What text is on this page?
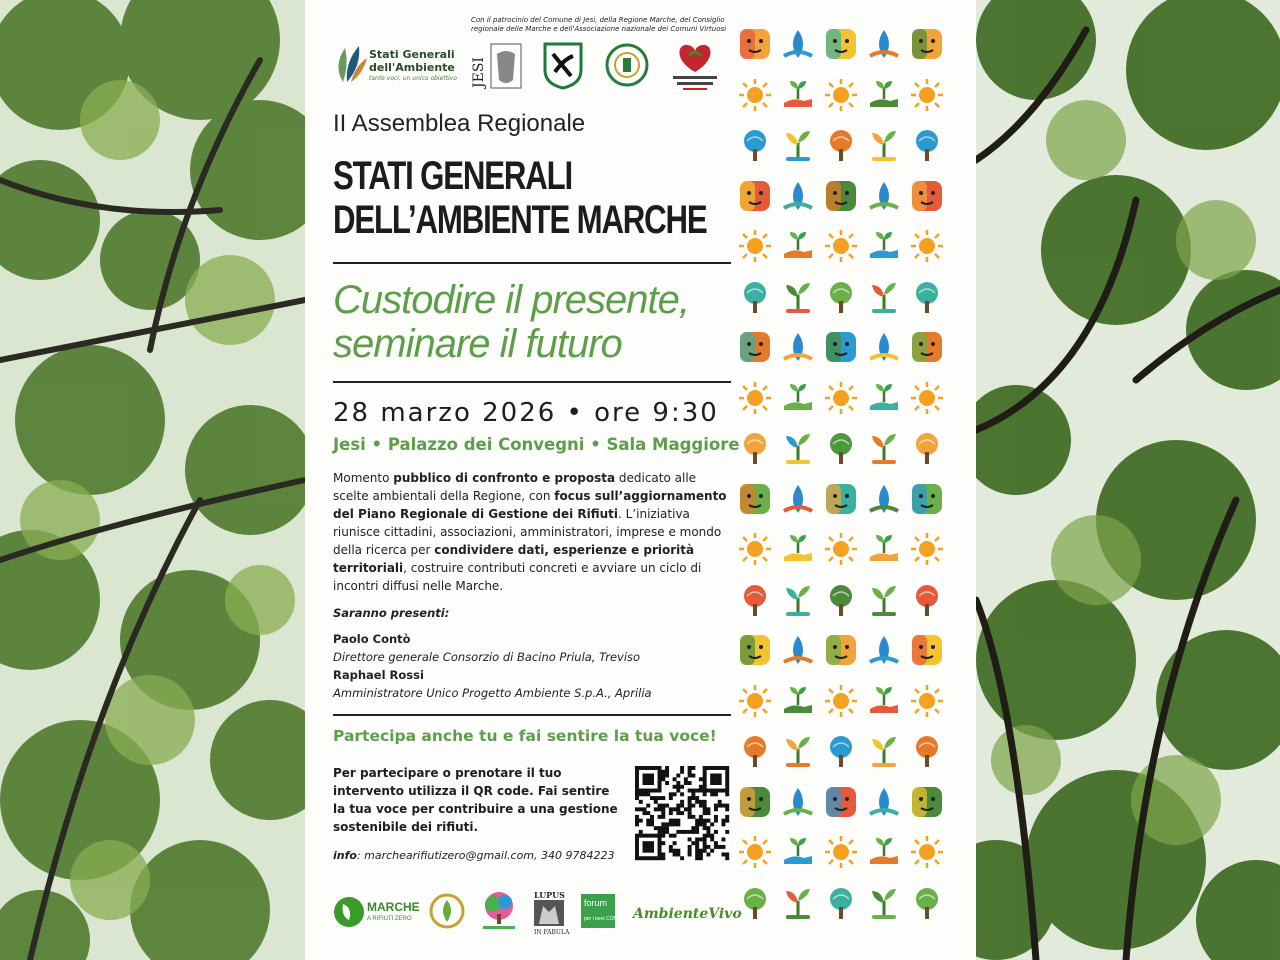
Stati Generali
dell'Ambiente
tante voci, un unico obiettivo
Con il patrocinio del Comune di Jesi, della Regione Marche, del Consiglio regionale delle Marche e dell'Associazione nazionale dei Comuni Virtuosi
JESI
II Assemblea Regionale
STATI GENERALI
DELL’AMBIENTE MARCHE
Custodire il presente,
seminare il futuro
28 marzo 2026 • ore 9:30
Jesi • Palazzo dei Convegni • Sala Maggiore
Momento pubblico di confronto e proposta dedicato alle scelte ambientali della Regione, con focus sull’aggiornamento del Piano Regionale di Gestione dei Rifiuti. L’iniziativa riunisce cittadini, associazioni, amministratori, imprese e mondo della ricerca per condividere dati, esperienze e priorità territoriali, costruire contributi concreti e avviare un ciclo di incontri diffusi nelle Marche.
Saranno presenti:
Paolo Contò
Direttore generale Consorzio di Bacino Priula, Treviso
Raphael Rossi
Amministratore Unico Progetto Ambiente S.p.A., Aprilia
Partecipa anche tu e fai sentire la tua voce!
Per partecipare o prenotare il tuo intervento utilizza il QR code. Fai sentire la tua voce per contribuire a una gestione sostenibile dei rifiuti.
info: marchearifiutizero@gmail.com, 340 9784223
MARCHE
A RIFIUTI ZERO
LUPUS
IN FABULA
forum
per i beni COMUNI AmbienteVivo
